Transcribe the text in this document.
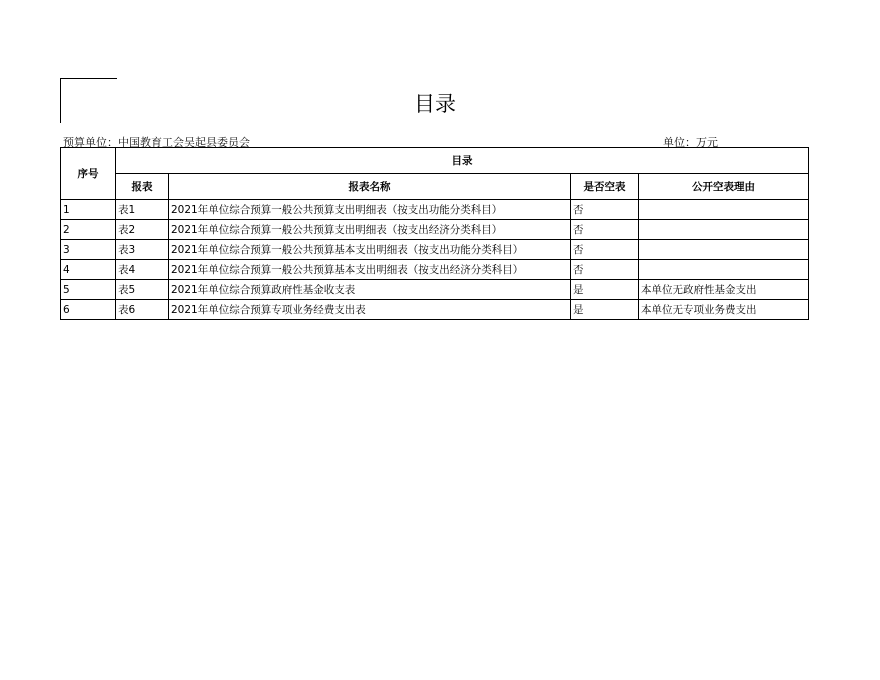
目录
预算单位：中国教育工会吴起县委员会	单位：万元
序号	目录			
	报表	报表名称	是否空表	公开空表理由
1	表1	2021年单位综合预算一般公共预算支出明细表（按支出功能分类科目）	否	
2	表2	2021年单位综合预算一般公共预算支出明细表（按支出经济分类科目）	否	
3	表3	2021年单位综合预算一般公共预算基本支出明细表（按支出功能分类科目）	否	
4	表4	2021年单位综合预算一般公共预算基本支出明细表（按支出经济分类科目）	否	
5	表5	2021年单位综合预算政府性基金收支表	是	本单位无政府性基金支出
6	表6	2021年单位综合预算专项业务经费支出表	是	本单位无专项业务费支出
